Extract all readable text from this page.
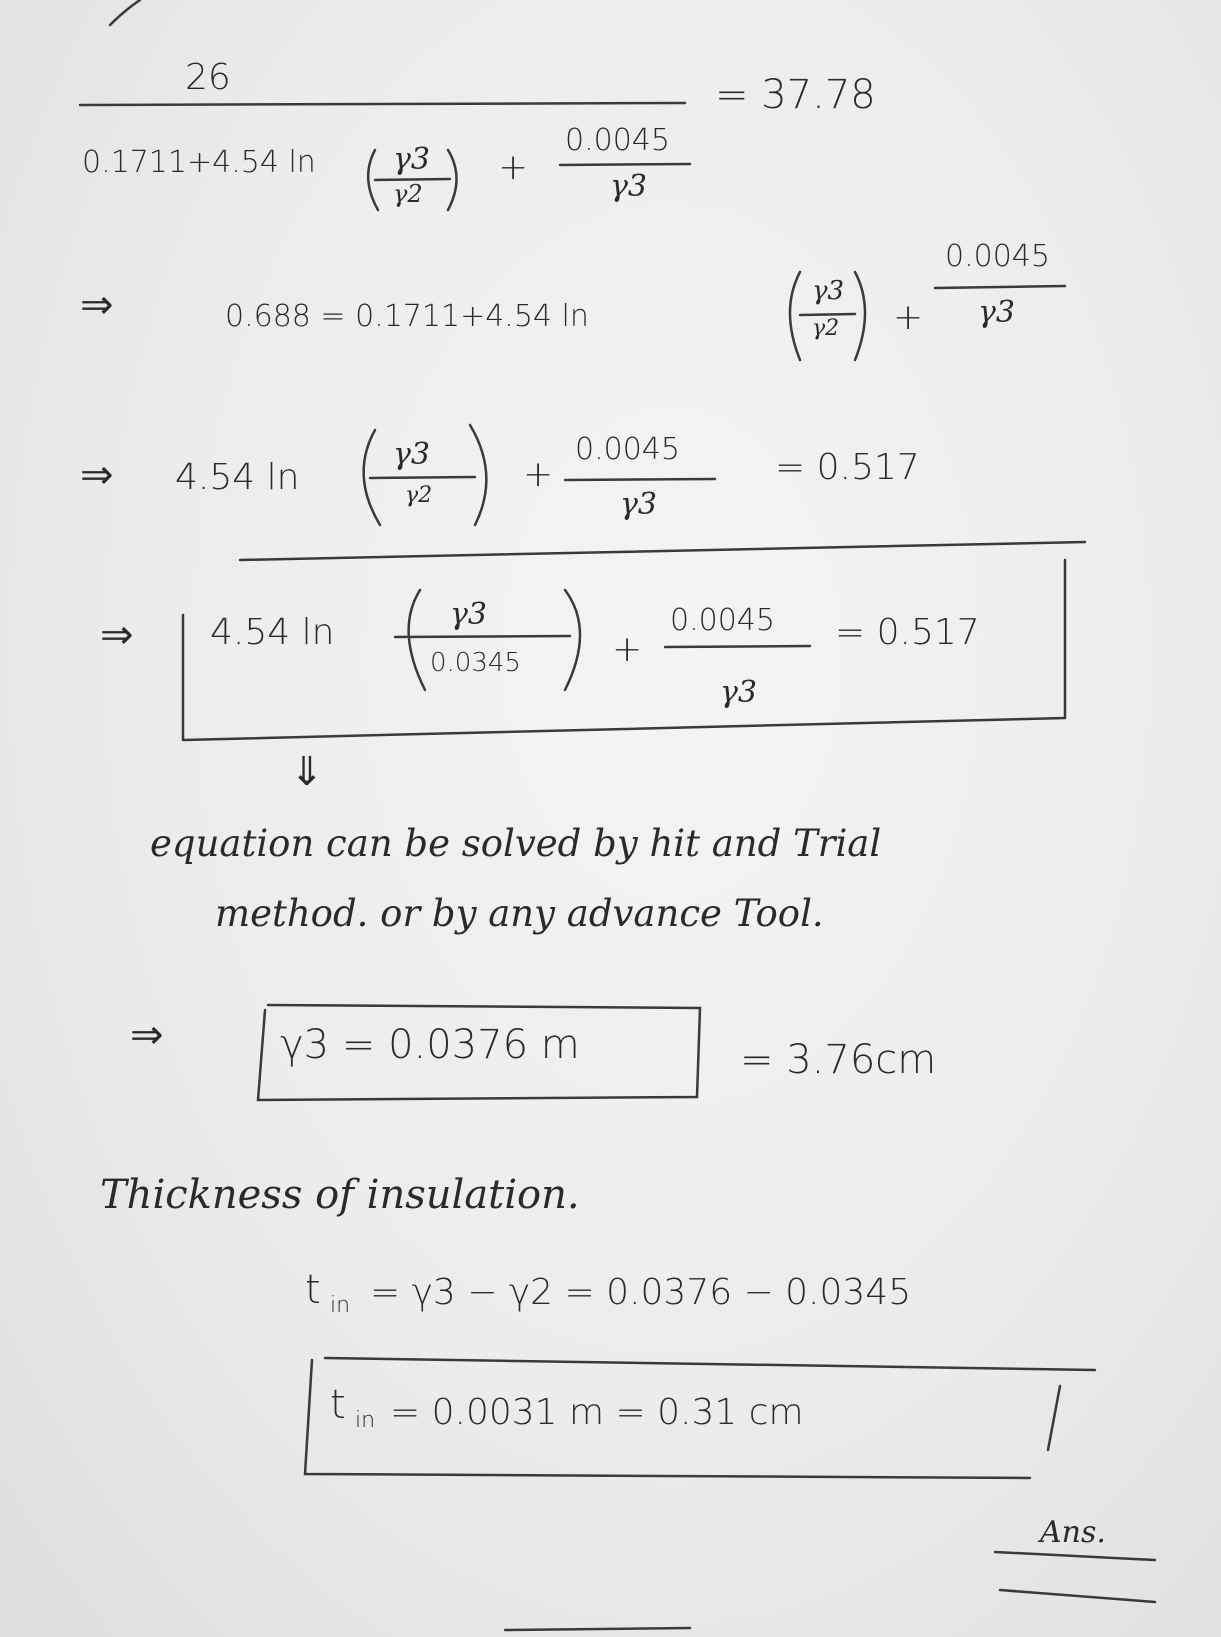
26	= 37.78
0.1711+4.54 ln	γ3
γ2
+
0.0045
γ3
⇒	0.688 = 0.1711+4.54 ln
γ3
γ2 +
0.0045
γ3
⇒ 4.54 ln
γ3
γ2
+
0.0045
γ3
= 0.517
⇒ 4.54 ln	γ3
0.0345	+
0.0045
γ3
= 0.517
⇓
equation can be solved by hit and Trial
method. or by any advance Tool.
⇒	γ3 = 0.0376 m	= 3.76cm
Thickness of insulation.
t in = γ3 − γ2 = 0.0376 − 0.0345
t in = 0.0031 m = 0.31 cm
Ans.
